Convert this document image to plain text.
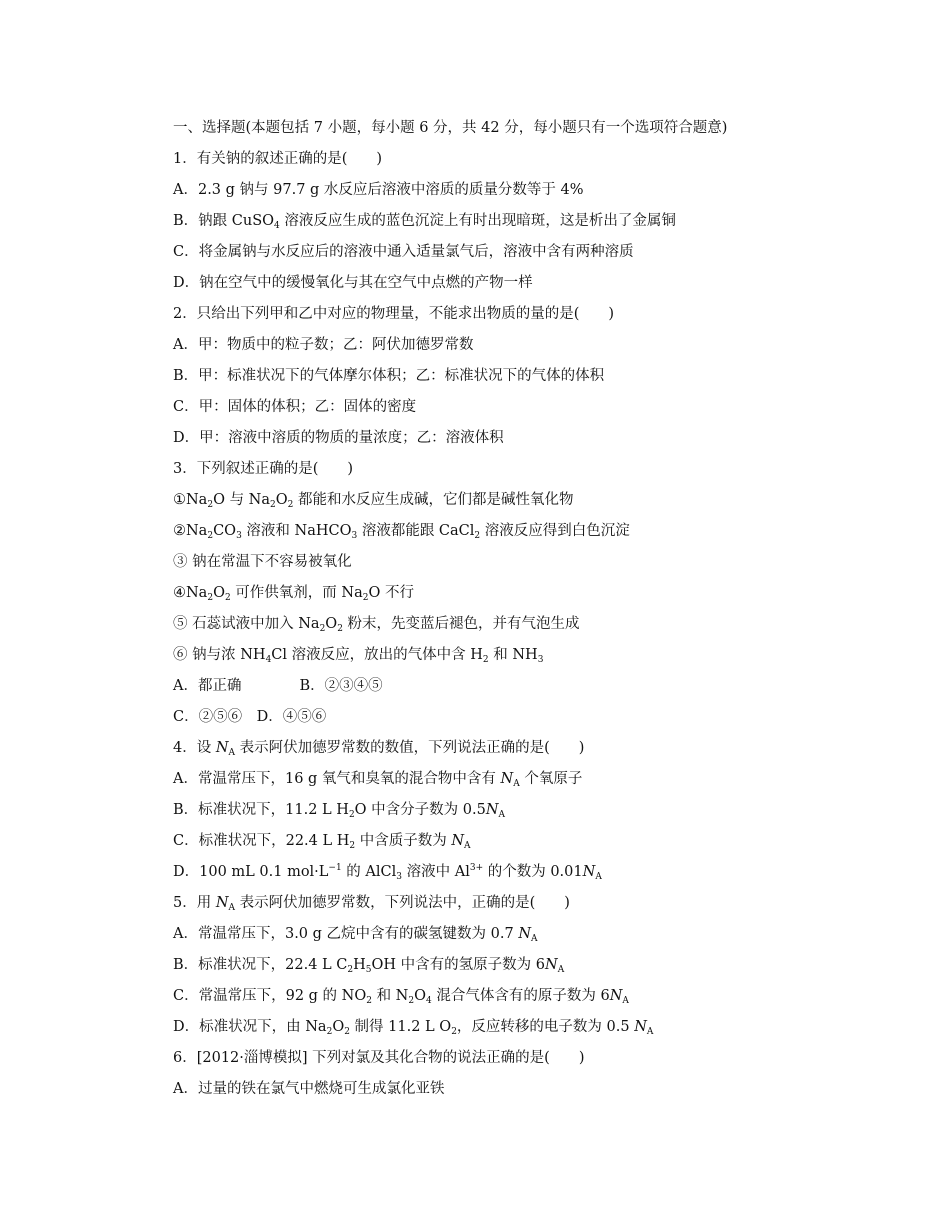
一、选择题(本题包括 7 小题，每小题 6 分，共 42 分，每小题只有一个选项符合题意)
1．有关钠的叙述正确的是(　　)
A．2.3 g 钠与 97.7 g 水反应后溶液中溶质的质量分数等于 4%
B．钠跟 CuSO$_4$ 溶液反应生成的蓝色沉淀上有时出现暗斑，这是析出了金属铜
C．将金属钠与水反应后的溶液中通入适量氯气后，溶液中含有两种溶质
D．钠在空气中的缓慢氧化与其在空气中点燃的产物一样
2．只给出下列甲和乙中对应的物理量，不能求出物质的量的是(　　)
A．甲：物质中的粒子数；乙：阿伏加德罗常数
B．甲：标准状况下的气体摩尔体积；乙：标准状况下的气体的体积
C．甲：固体的体积；乙：固体的密度
D．甲：溶液中溶质的物质的量浓度；乙：溶液体积
3．下列叙述正确的是(　　)
$①Na_2O$ 与 $Na_2O_2$ 都能和水反应生成碱，它们都是碱性氧化物
$②Na_2CO_3$ 溶液和 NaHCO$_3$ 溶液都能跟 CaCl$_2$ 溶液反应得到白色沉淀
③ 钠在常温下不容易被氧化
$④Na_2O_2$ 可作供氧剂，而 $Na_2O$ 不行
⑤ 石蕊试液中加入 $Na_2O_2$ 粉末，先变蓝后褪色，并有气泡生成
⑥ 钠与浓 $NH_4Cl$ 溶液反应，放出的气体中含 $H_2$ 和 $NH_3$
A．都正确　　　　B．②③④⑤
C．②⑤⑥　D．④⑤⑥
4．设 $N_A$ 表示阿伏加德罗常数的数值，下列说法正确的是(　　)
A．常温常压下，16 g 氧气和臭氧的混合物中含有 $N_A$ 个氧原子
B．标准状况下，11.2 L $H_2O$ 中含分子数为 $0.5N_A$
C．标准状况下，22.4 L $H_2$ 中含质子数为 $N_A$
D．100 mL 0.1 $mol\cdot L^{-1}$ 的 AlCl$_3$ 溶液中 $Al^{3+}$ 的个数为 $0.01N_A$
5．用 $N_A$ 表示阿伏加德罗常数，下列说法中，正确的是(　　)
A．常温常压下，3.0 g 乙烷中含有的碳氢键数为 0.7 $N_A$
B．标准状况下，22.4 L $C_2H_5OH$ 中含有的氢原子数为 $6N_A$
C．常温常压下，92 g 的 $NO_2$ 和 $N_2O_4$ 混合气体含有的原子数为 $6N_A$
D．标准状况下，由 $Na_2O_2$ 制得 11.2 L $O_2$，反应转移的电子数为 0.5 $N_A$
6．[2012·淄博模拟] 下列对氯及其化合物的说法正确的是(　　)
A．过量的铁在氯气中燃烧可生成氯化亚铁
